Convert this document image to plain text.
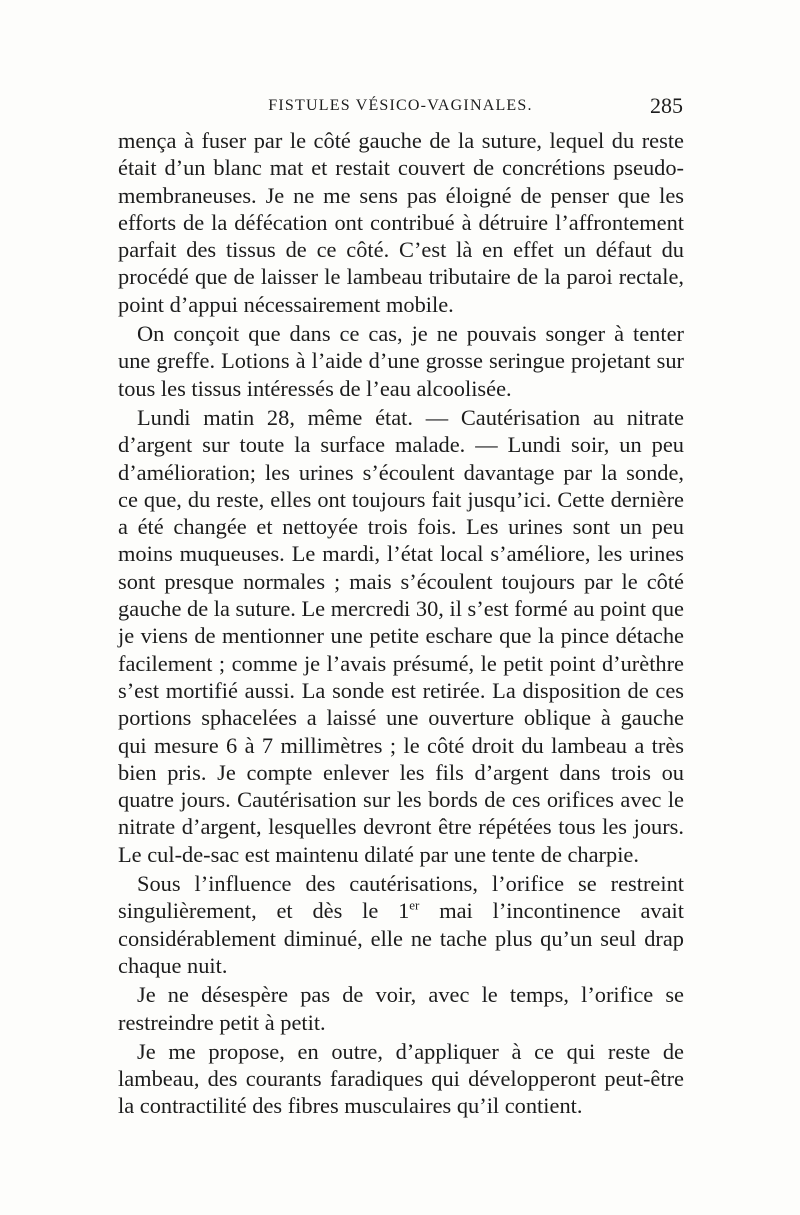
FISTULES VÉSICO-VAGINALES.	285

mença à fuser par le côté gauche de la suture, lequel du reste était d’un blanc mat et restait couvert de concrétions pseudo-membraneuses. Je ne me sens pas éloigné de penser que les efforts de la défécation ont contribué à détruire l’affrontement parfait des tissus de ce côté. C’est là en effet un défaut du procédé que de laisser le lambeau tributaire de la paroi rectale, point d’appui nécessairement mobile.

On conçoit que dans ce cas, je ne pouvais songer à tenter une greffe. Lotions à l’aide d’une grosse seringue projetant sur tous les tissus intéressés de l’eau alcoolisée.

Lundi matin 28, même état. — Cautérisation au nitrate d’argent sur toute la surface malade. — Lundi soir, un peu d’amélioration; les urines s’écoulent davantage par la sonde, ce que, du reste, elles ont toujours fait jusqu’ici. Cette dernière a été changée et nettoyée trois fois. Les urines sont un peu moins muqueuses. Le mardi, l’état local s’améliore, les urines sont presque normales ; mais s’écoulent toujours par le côté gauche de la suture. Le mercredi 30, il s’est formé au point que je viens de mentionner une petite eschare que la pince détache facilement ; comme je l’avais présumé, le petit point d’urèthre s’est mortifié aussi. La sonde est retirée. La disposition de ces portions sphacelées a laissé une ouverture oblique à gauche qui mesure 6 à 7 millimètres ; le côté droit du lambeau a très bien pris. Je compte enlever les fils d’argent dans trois ou quatre jours. Cautérisation sur les bords de ces orifices avec le nitrate d’argent, lesquelles devront être répétées tous les jours. Le cul-de-sac est maintenu dilaté par une tente de charpie.

Sous l’influence des cautérisations, l’orifice se restreint singulièrement, et dès le 1er mai l’incontinence avait considérablement diminué, elle ne tache plus qu’un seul drap chaque nuit.

Je ne désespère pas de voir, avec le temps, l’orifice se restreindre petit à petit.

Je me propose, en outre, d’appliquer à ce qui reste de lambeau, des courants faradiques qui développeront peut-être la contractilité des fibres musculaires qu’il contient.
